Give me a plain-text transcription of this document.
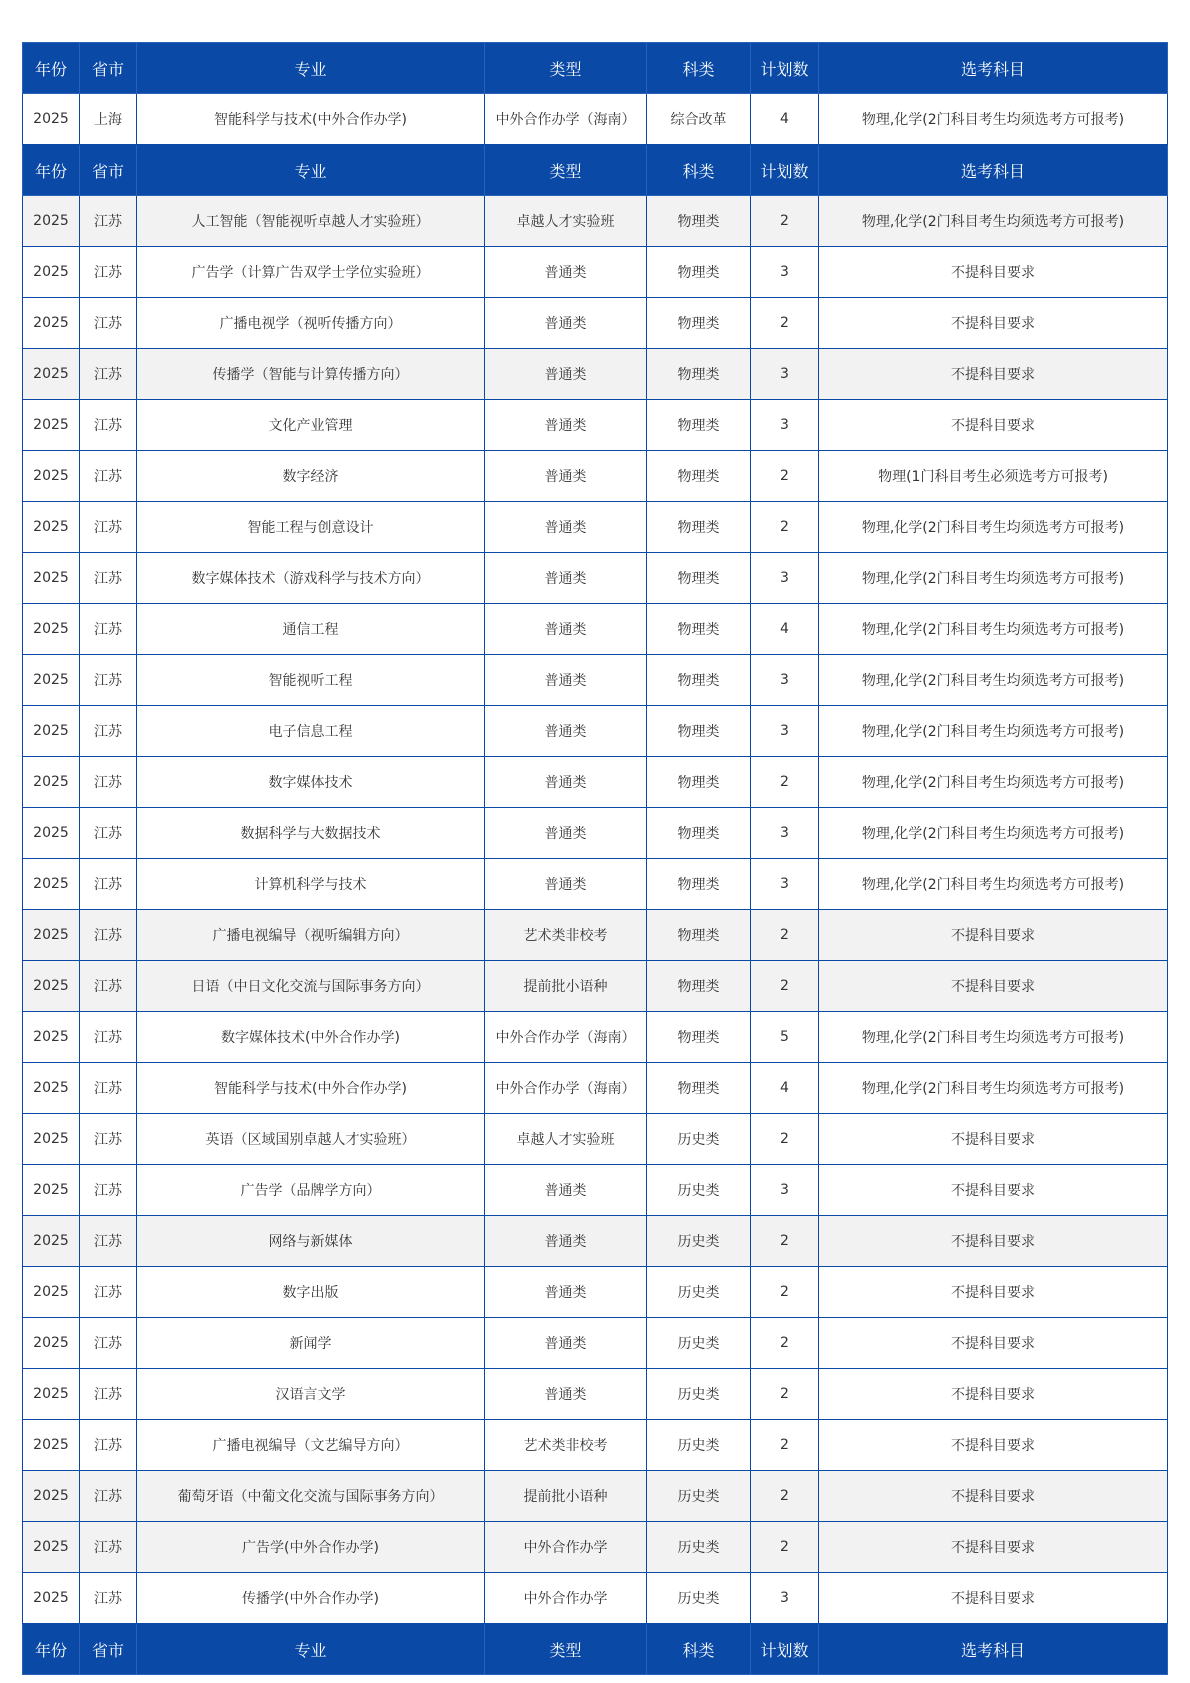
年份	省市	专业	类型	科类	计划数	选考科目
2025	上海	智能科学与技术(中外合作办学)	中外合作办学（海南）	综合改革	4	物理,化学(2门科目考生均须选考方可报考)
年份	省市	专业	类型	科类	计划数	选考科目
2025	江苏	人工智能（智能视听卓越人才实验班）	卓越人才实验班	物理类	2	物理,化学(2门科目考生均须选考方可报考)
2025	江苏	广告学（计算广告双学士学位实验班）	普通类	物理类	3	不提科目要求
2025	江苏	广播电视学（视听传播方向）	普通类	物理类	2	不提科目要求
2025	江苏	传播学（智能与计算传播方向）	普通类	物理类	3	不提科目要求
2025	江苏	文化产业管理	普通类	物理类	3	不提科目要求
2025	江苏	数字经济	普通类	物理类	2	物理(1门科目考生必须选考方可报考)
2025	江苏	智能工程与创意设计	普通类	物理类	2	物理,化学(2门科目考生均须选考方可报考)
2025	江苏	数字媒体技术（游戏科学与技术方向）	普通类	物理类	3	物理,化学(2门科目考生均须选考方可报考)
2025	江苏	通信工程	普通类	物理类	4	物理,化学(2门科目考生均须选考方可报考)
2025	江苏	智能视听工程	普通类	物理类	3	物理,化学(2门科目考生均须选考方可报考)
2025	江苏	电子信息工程	普通类	物理类	3	物理,化学(2门科目考生均须选考方可报考)
2025	江苏	数字媒体技术	普通类	物理类	2	物理,化学(2门科目考生均须选考方可报考)
2025	江苏	数据科学与大数据技术	普通类	物理类	3	物理,化学(2门科目考生均须选考方可报考)
2025	江苏	计算机科学与技术	普通类	物理类	3	物理,化学(2门科目考生均须选考方可报考)
2025	江苏	广播电视编导（视听编辑方向）	艺术类非校考	物理类	2	不提科目要求
2025	江苏	日语（中日文化交流与国际事务方向）	提前批小语种	物理类	2	不提科目要求
2025	江苏	数字媒体技术(中外合作办学)	中外合作办学（海南）	物理类	5	物理,化学(2门科目考生均须选考方可报考)
2025	江苏	智能科学与技术(中外合作办学)	中外合作办学（海南）	物理类	4	物理,化学(2门科目考生均须选考方可报考)
2025	江苏	英语（区域国别卓越人才实验班）	卓越人才实验班	历史类	2	不提科目要求
2025	江苏	广告学（品牌学方向）	普通类	历史类	3	不提科目要求
2025	江苏	网络与新媒体	普通类	历史类	2	不提科目要求
2025	江苏	数字出版	普通类	历史类	2	不提科目要求
2025	江苏	新闻学	普通类	历史类	2	不提科目要求
2025	江苏	汉语言文学	普通类	历史类	2	不提科目要求
2025	江苏	广播电视编导（文艺编导方向）	艺术类非校考	历史类	2	不提科目要求
2025	江苏	葡萄牙语（中葡文化交流与国际事务方向）	提前批小语种	历史类	2	不提科目要求
2025	江苏	广告学(中外合作办学)	中外合作办学	历史类	2	不提科目要求
2025	江苏	传播学(中外合作办学)	中外合作办学	历史类	3	不提科目要求
年份	省市	专业	类型	科类	计划数	选考科目
